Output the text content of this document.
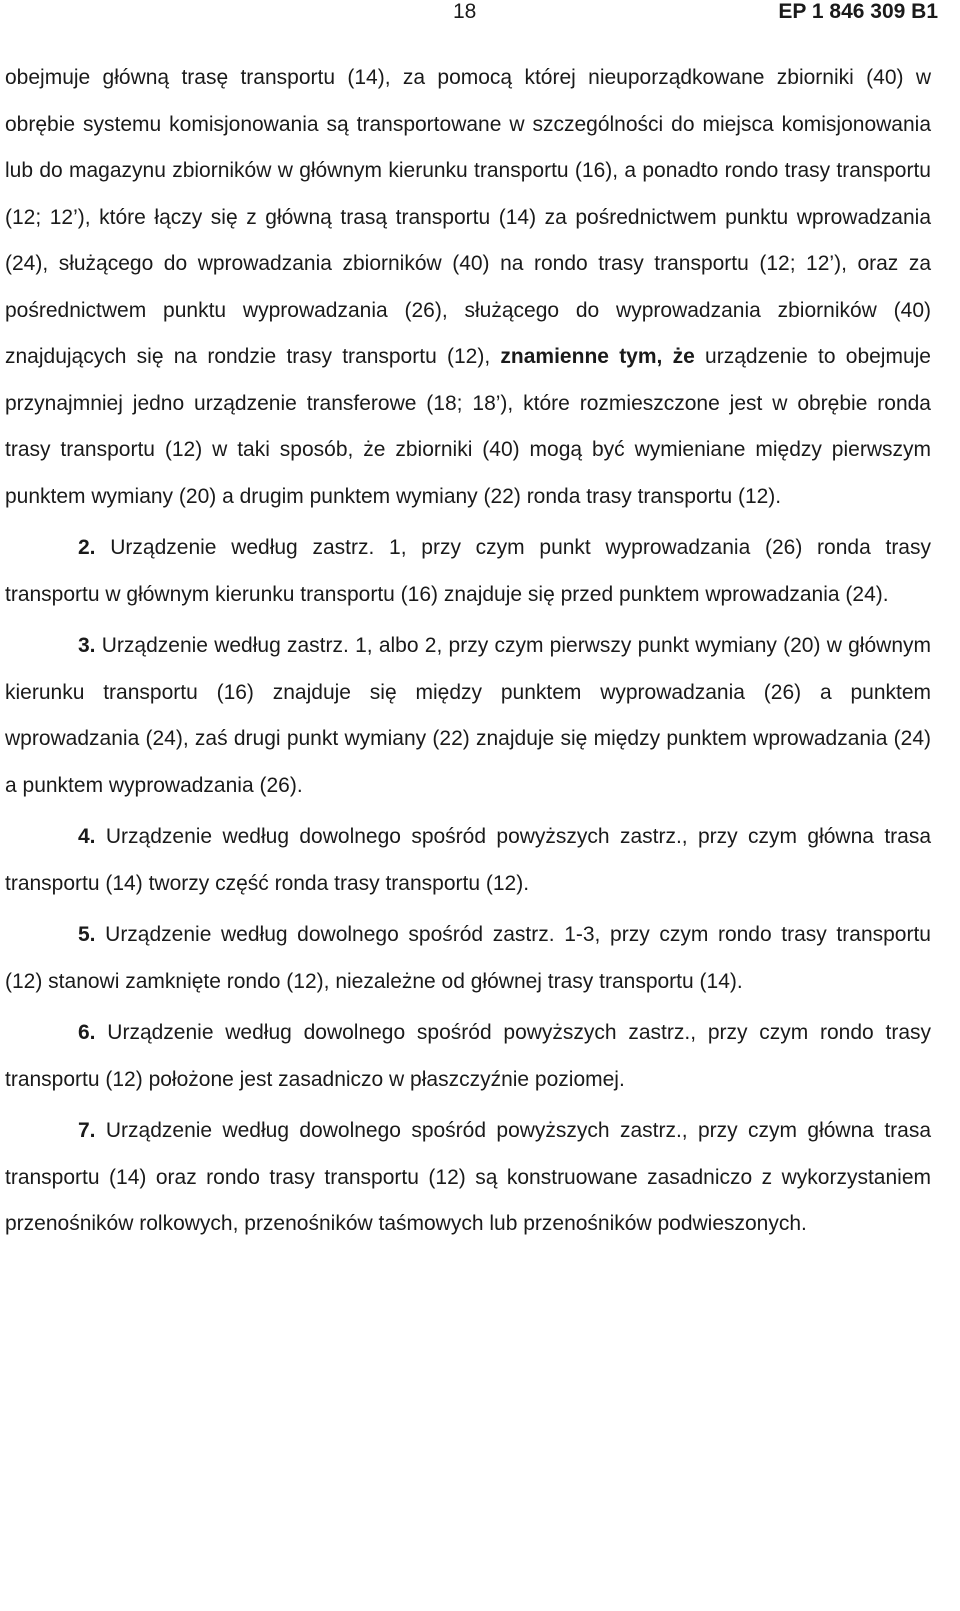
18	EP 1 846 309 B1

obejmuje główną trasę transportu (14), za pomocą której nieuporządkowane zbiorniki (40) w obrębie systemu komisjonowania są transportowane w szczególności do miejsca komisjonowania lub do magazynu zbiorników w głównym kierunku transportu (16), a ponadto rondo trasy transportu (12; 12’), które łączy się z główną trasą transportu (14) za pośrednictwem punktu wprowadzania (24), służącego do wprowadzania zbiorników (40) na rondo trasy transportu (12; 12’), oraz za pośrednictwem punktu wyprowadzania (26), służącego do wyprowadzania zbiorników (40) znajdujących się na rondzie trasy transportu (12), znamienne tym, że urządzenie to obejmuje przynajmniej jedno urządzenie transferowe (18; 18’), które rozmieszczone jest w obrębie ronda trasy transportu (12) w taki sposób, że zbiorniki (40) mogą być wymieniane między pierwszym punktem wymiany (20) a drugim punktem wymiany (22) ronda trasy transportu (12).

2. Urządzenie według zastrz. 1, przy czym punkt wyprowadzania (26) ronda trasy transportu w głównym kierunku transportu (16) znajduje się przed punktem wprowadzania (24).

3. Urządzenie według zastrz. 1, albo 2, przy czym pierwszy punkt wymiany (20) w głównym kierunku transportu (16) znajduje się między punktem wyprowadzania (26) a punktem wprowadzania (24), zaś drugi punkt wymiany (22) znajduje się między punktem wprowadzania (24) a punktem wyprowadzania (26).

4. Urządzenie według dowolnego spośród powyższych zastrz., przy czym główna trasa transportu (14) tworzy część ronda trasy transportu (12).

5. Urządzenie według dowolnego spośród zastrz. 1-3, przy czym rondo trasy transportu (12) stanowi zamknięte rondo (12), niezależne od głównej trasy transportu (14).

6. Urządzenie według dowolnego spośród powyższych zastrz., przy czym rondo trasy transportu (12) położone jest zasadniczo w płaszczyźnie poziomej.

7. Urządzenie według dowolnego spośród powyższych zastrz., przy czym główna trasa transportu (14) oraz rondo trasy transportu (12) są konstruowane zasadniczo z wykorzystaniem przenośników rolkowych, przenośników taśmowych lub przenośników podwieszonych.
